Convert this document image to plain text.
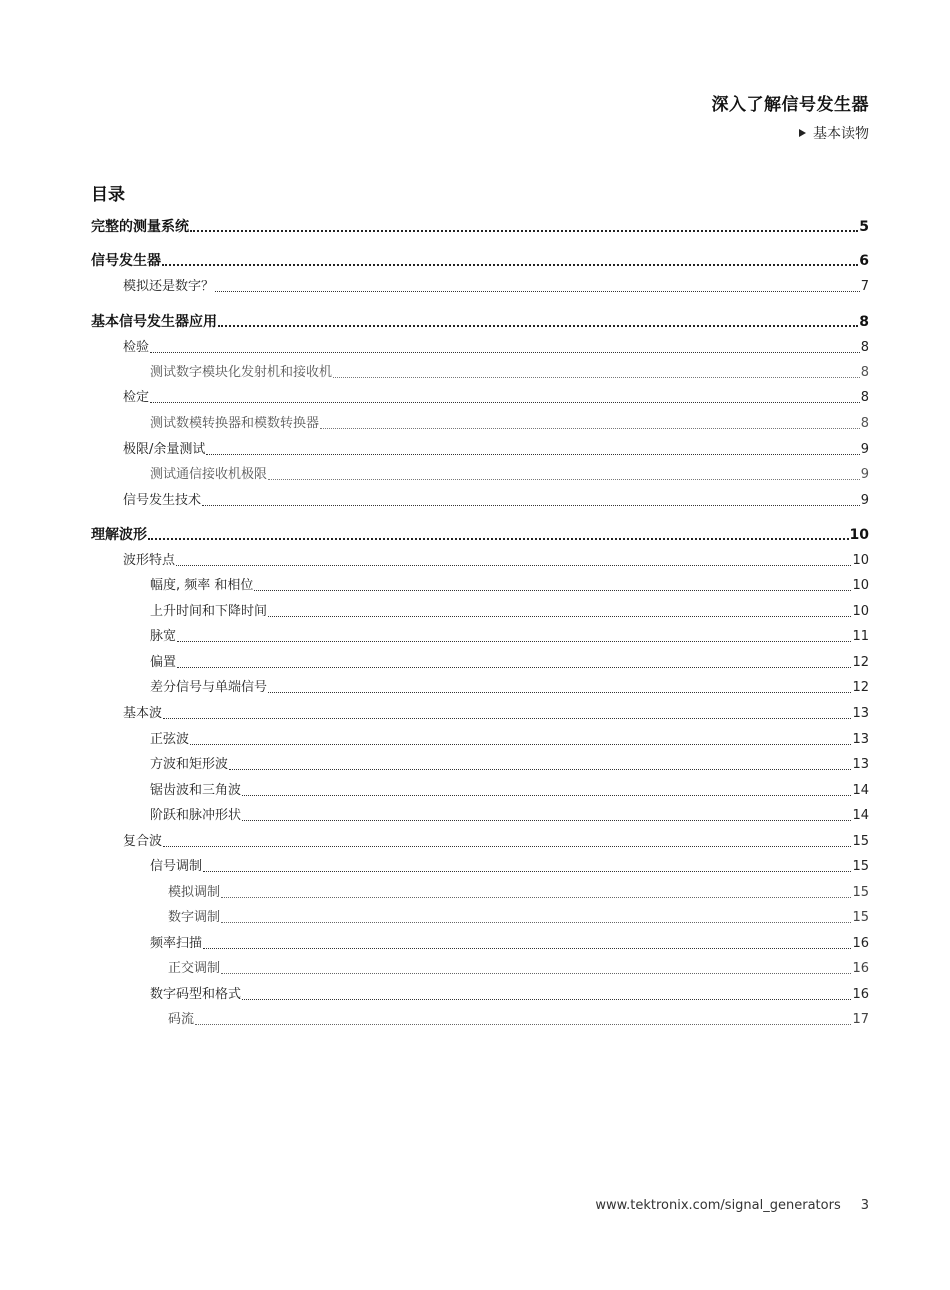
深入了解信号发生器
基本读物
目录
完整的测量系统	5
信号发生器	6
模拟还是数字？	7
基本信号发生器应用	8
检验	8
测试数字模块化发射机和接收机	8
检定	8
测试数模转换器和模数转换器	8
极限/余量测试	9
测试通信接收机极限	9
信号发生技术	9
理解波形	10
波形特点	10
幅度, 频率 和相位	10
上升时间和下降时间	10
脉宽	11
偏置	12
差分信号与单端信号	12
基本波	13
正弦波	13
方波和矩形波	13
锯齿波和三角波	14
阶跃和脉冲形状	14
复合波	15
信号调制	15
模拟调制	15
数字调制	15
频率扫描	16
正交调制	16
数字码型和格式	16
码流	17
www.tektronix.com/signal_generators 3
